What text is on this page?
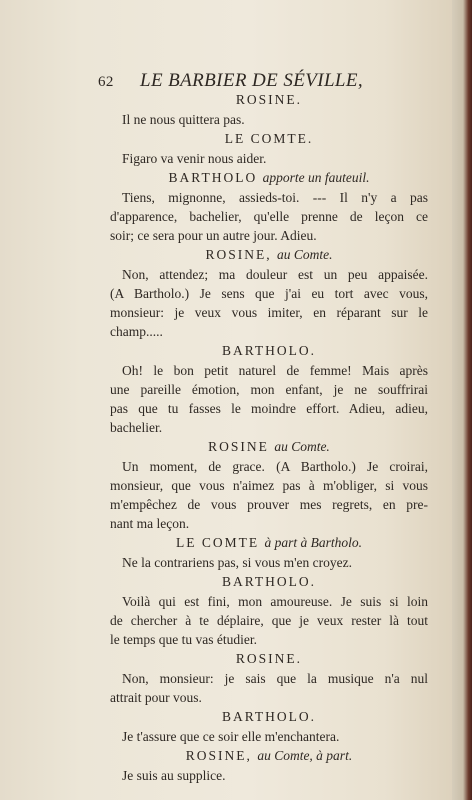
62 LE BARBIER DE SÉVILLE,
ROSINE.
Il ne nous quittera pas.
LE COMTE.
Figaro va venir nous aider.
BARTHOLO apporte un fauteuil.
Tiens, mignonne, assieds-toi. --- Il n'y a pas
d'apparence, bachelier, qu'elle prenne de leçon ce
soir; ce sera pour un autre jour. Adieu.
ROSINE, au Comte.
Non, attendez; ma douleur est un peu appaisée.
(A Bartholo.) Je sens que j'ai eu tort avec vous,
monsieur: je veux vous imiter, en réparant sur le
champ.....
BARTHOLO.
Oh! le bon petit naturel de femme! Mais après
une pareille émotion, mon enfant, je ne souffrirai
pas que tu fasses le moindre effort. Adieu, adieu,
bachelier.
ROSINE au Comte.
Un moment, de grace. (A Bartholo.) Je croirai,
monsieur, que vous n'aimez pas à m'obliger, si vous
m'empêchez de vous prouver mes regrets, en pre-
nant ma leçon.
LE COMTE à part à Bartholo.
Ne la contrariens pas, si vous m'en croyez.
BARTHOLO.
Voilà qui est fini, mon amoureuse. Je suis si loin
de chercher à te déplaire, que je veux rester là tout
le temps que tu vas étudier.
ROSINE.
Non, monsieur: je sais que la musique n'a nul
attrait pour vous.
BARTHOLO.
Je t'assure que ce soir elle m'enchantera.
ROSINE, au Comte, à part.
Je suis au supplice.
